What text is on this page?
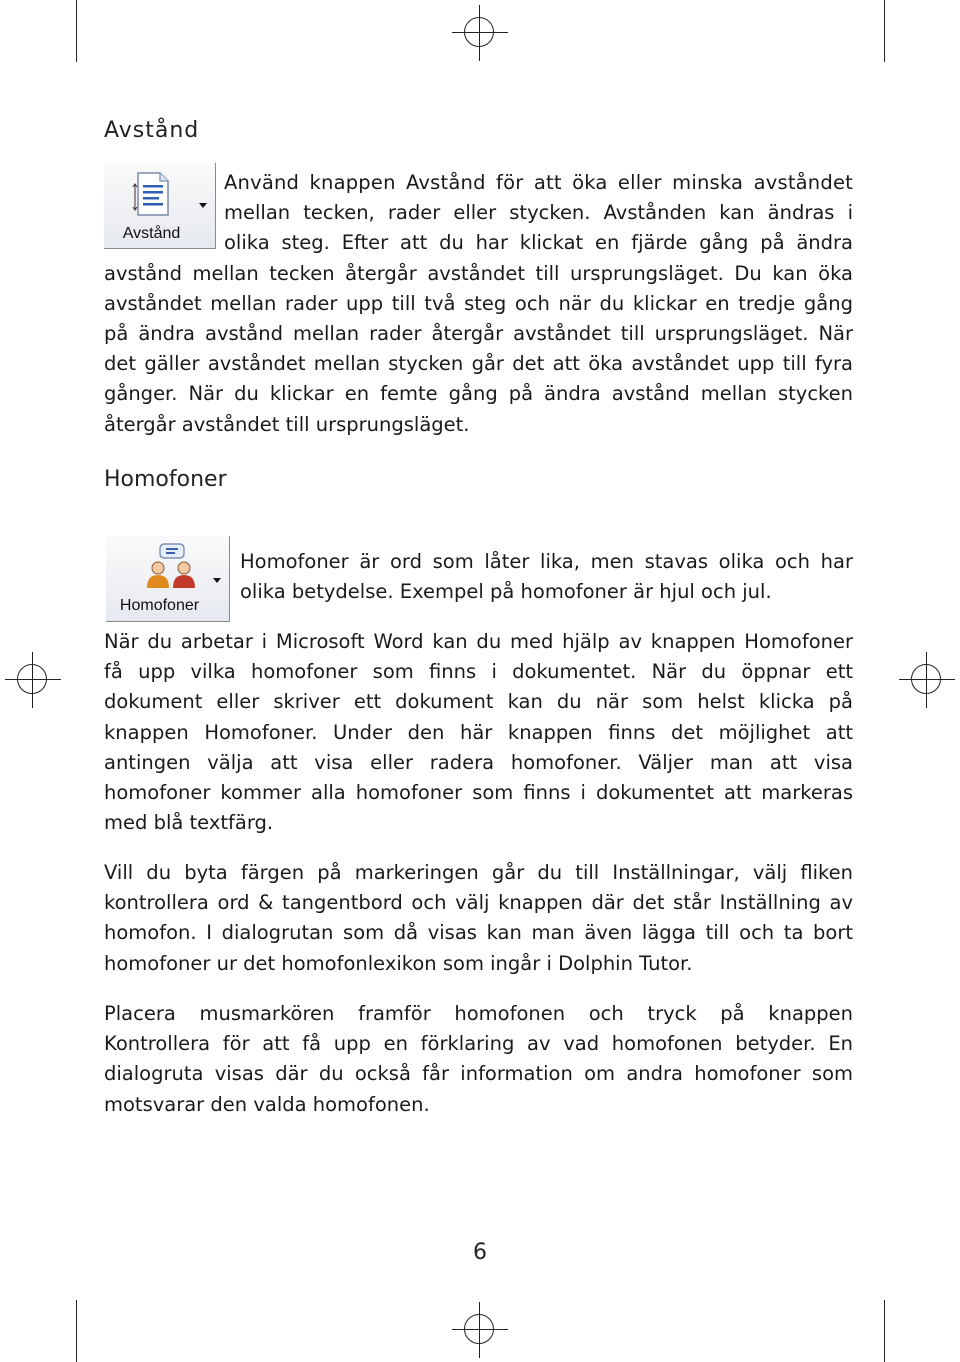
Avstånd
Avstånd
Använd knappen Avstånd för att öka eller minska avståndet
mellan tecken, rader eller stycken. Avstånden kan ändras i
olika steg. Efter att du har klickat en fjärde gång på ändra
avstånd mellan tecken återgår avståndet till ursprungsläget. Du kan öka
avståndet mellan rader upp till två steg och när du klickar en tredje gång
på ändra avstånd mellan rader återgår avståndet till ursprungsläget. När
det gäller avståndet mellan stycken går det att öka avståndet upp till fyra
gånger. När du klickar en femte gång på ändra avstånd mellan stycken
återgår avståndet till ursprungsläget.
Homofoner
Homofoner
Homofoner är ord som låter lika, men stavas olika och har
olika betydelse. Exempel på homofoner är hjul och jul.
När du arbetar i Microsoft Word kan du med hjälp av knappen Homofoner
få upp vilka homofoner som finns i dokumentet. När du öppnar ett
dokument eller skriver ett dokument kan du när som helst klicka på
knappen Homofoner. Under den här knappen finns det möjlighet att
antingen välja att visa eller radera homofoner. Väljer man att visa
homofoner kommer alla homofoner som finns i dokumentet att markeras
med blå textfärg.
Vill du byta färgen på markeringen går du till Inställningar, välj fliken
kontrollera ord & tangentbord och välj knappen där det står Inställning av
homofon. I dialogrutan som då visas kan man även lägga till och ta bort
homofoner ur det homofonlexikon som ingår i Dolphin Tutor.
Placera musmarkören framför homofonen och tryck på knappen
Kontrollera för att få upp en förklaring av vad homofonen betyder. En
dialogruta visas där du också får information om andra homofoner som
motsvarar den valda homofonen.
6
